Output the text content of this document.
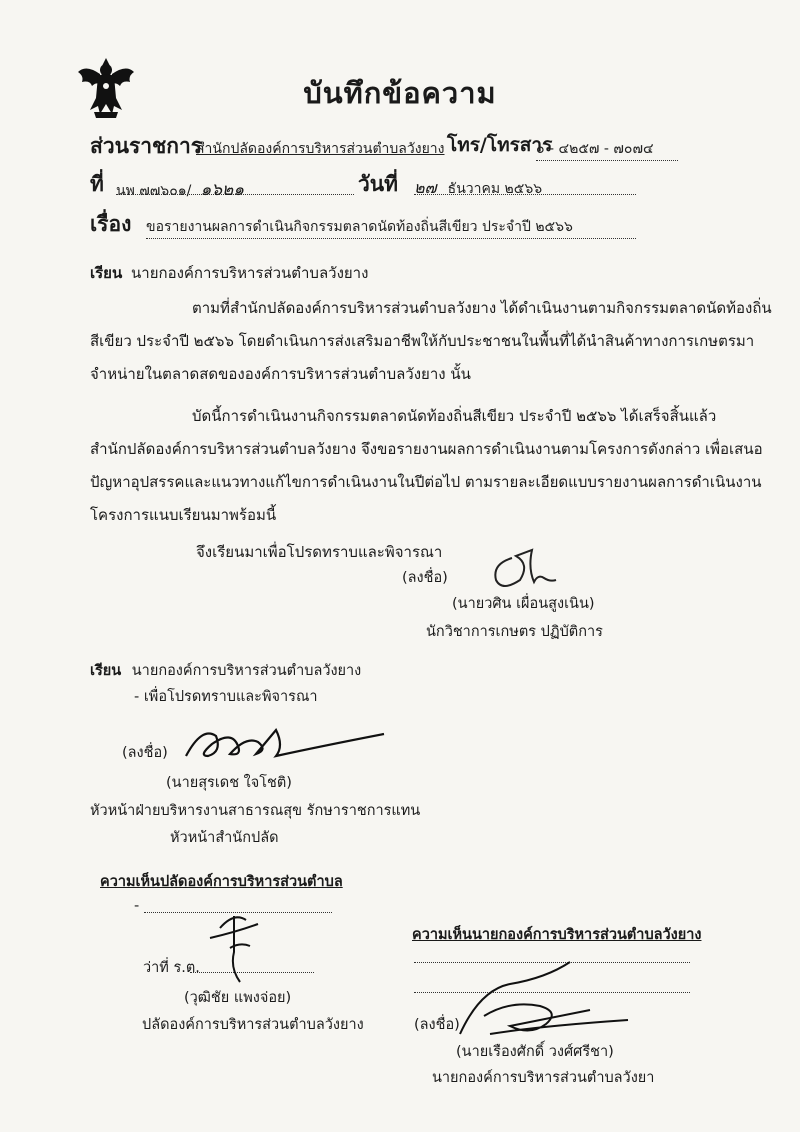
บันทึกข้อความ
ส่วนราชการ
สำนักปลัดองค์การบริหารส่วนตำบลวังยาง โทร/โทรสาร
๐ - ๔๒๕๗ - ๗๐๗๔
ที่ นพ ๗๗๖๐๑/ ๑๖๒๑	วันที่ ๒๗ ธันวาคม ๒๕๖๖
เรื่อง ขอรายงานผลการดำเนินกิจกรรมตลาดนัดท้องถิ่นสีเขียว ประจำปี ๒๕๖๖
เรียน นายกองค์การบริหารส่วนตำบลวังยาง
ตามที่สำนักปลัดองค์การบริหารส่วนตำบลวังยาง ได้ดำเนินงานตามกิจกรรมตลาดนัดท้องถิ่น
สีเขียว ประจำปี ๒๕๖๖ โดยดำเนินการส่งเสริมอาชีพให้กับประชาชนในพื้นที่ได้นำสินค้าทางการเกษตรมา
จำหน่ายในตลาดสดขององค์การบริหารส่วนตำบลวังยาง นั้น
บัดนี้การดำเนินงานกิจกรรมตลาดนัดท้องถิ่นสีเขียว ประจำปี ๒๕๖๖ ได้เสร็จสิ้นแล้ว
สำนักปลัดองค์การบริหารส่วนตำบลวังยาง จึงขอรายงานผลการดำเนินงานตามโครงการดังกล่าว เพื่อเสนอ
ปัญหาอุปสรรคและแนวทางแก้ไขการดำเนินงานในปีต่อไป ตามรายละเอียดแบบรายงานผลการดำเนินงาน
โครงการแนบเรียนมาพร้อมนี้
จึงเรียนมาเพื่อโปรดทราบและพิจารณา
(ลงชื่อ)
(นายวศิน เผื่อนสูงเนิน)
นักวิชาการเกษตร ปฏิบัติการ
เรียน นายกองค์การบริหารส่วนตำบลวังยาง
- เพื่อโปรดทราบและพิจารณา
(ลงชื่อ)
(นายสุรเดช ใจโชติ)
หัวหน้าฝ่ายบริหารงานสาธารณสุข รักษาราชการแทน
หัวหน้าสำนักปลัด
ความเห็นปลัดองค์การบริหารส่วนตำบล
-
ว่าที่ ร.ต.
(วุฒิชัย แพงจ่อย)
ปลัดองค์การบริหารส่วนตำบลวังยาง
ความเห็นนายกองค์การบริหารส่วนตำบลวังยาง
(ลงชื่อ)
(นายเรืองศักดิ์ วงศ์ศรีชา)
นายกองค์การบริหารส่วนตำบลวังยา
